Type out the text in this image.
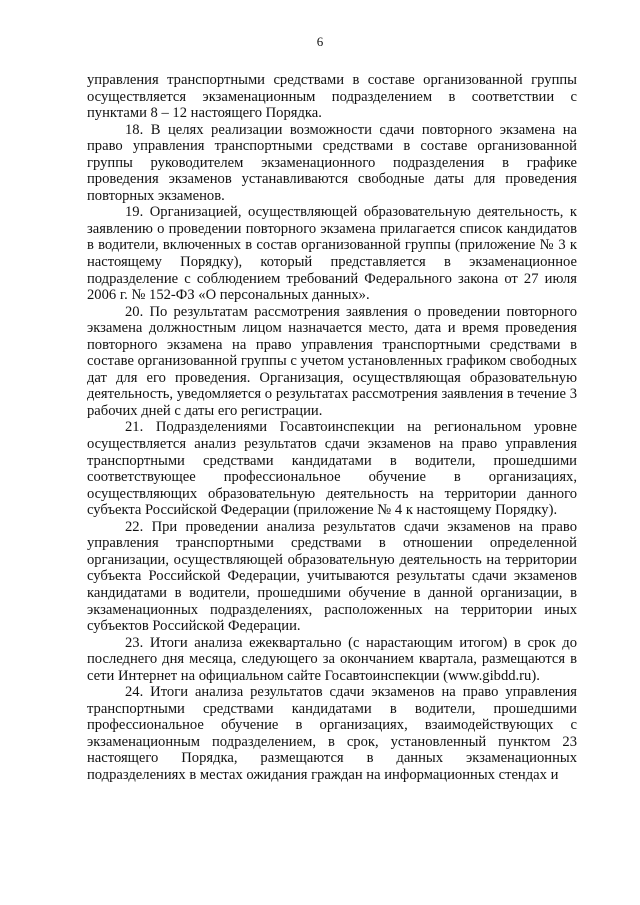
6

управления транспортными средствами в составе организованной группы осуществляется экзаменационным подразделением в соответствии с пунктами 8 – 12 настоящего Порядка.

18. В целях реализации возможности сдачи повторного экзамена на право управления транспортными средствами в составе организованной группы руководителем экзаменационного подразделения в графике проведения экзаменов устанавливаются свободные даты для проведения повторных экзаменов.

19. Организацией, осуществляющей образовательную деятельность, к заявлению о проведении повторного экзамена прилагается список кандидатов в водители, включенных в состав организованной группы (приложение № 3 к настоящему Порядку), который представляется в экзаменационное подразделение с соблюдением требований Федерального закона от 27 июля 2006 г. № 152-ФЗ «О персональных данных».

20. По результатам рассмотрения заявления о проведении повторного экзамена должностным лицом назначается место, дата и время проведения повторного экзамена на право управления транспортными средствами в составе организованной группы с учетом установленных графиком свободных дат для его проведения. Организация, осуществляющая образовательную деятельность, уведомляется о результатах рассмотрения заявления в течение 3 рабочих дней с даты его регистрации.

21. Подразделениями Госавтоинспекции на региональном уровне осуществляется анализ результатов сдачи экзаменов на право управления транспортными средствами кандидатами в водители, прошедшими соответствующее профессиональное обучение в организациях, осуществляющих образовательную деятельность на территории данного субъекта Российской Федерации (приложение № 4 к настоящему Порядку).

22. При проведении анализа результатов сдачи экзаменов на право управления транспортными средствами в отношении определенной организации, осуществляющей образовательную деятельность на территории субъекта Российской Федерации, учитываются результаты сдачи экзаменов кандидатами в водители, прошедшими обучение в данной организации, в экзаменационных подразделениях, расположенных на территории иных субъектов Российской Федерации.

23. Итоги анализа ежеквартально (с нарастающим итогом) в срок до последнего дня месяца, следующего за окончанием квартала, размещаются в сети Интернет на официальном сайте Госавтоинспекции (www.gibdd.ru).

24. Итоги анализа результатов сдачи экзаменов на право управления транспортными средствами кандидатами в водители, прошедшими профессиональное обучение в организациях, взаимодействующих с экзаменационным подразделением, в срок, установленный пунктом 23 настоящего Порядка, размещаются в данных экзаменационных подразделениях в местах ожидания граждан на информационных стендах и
